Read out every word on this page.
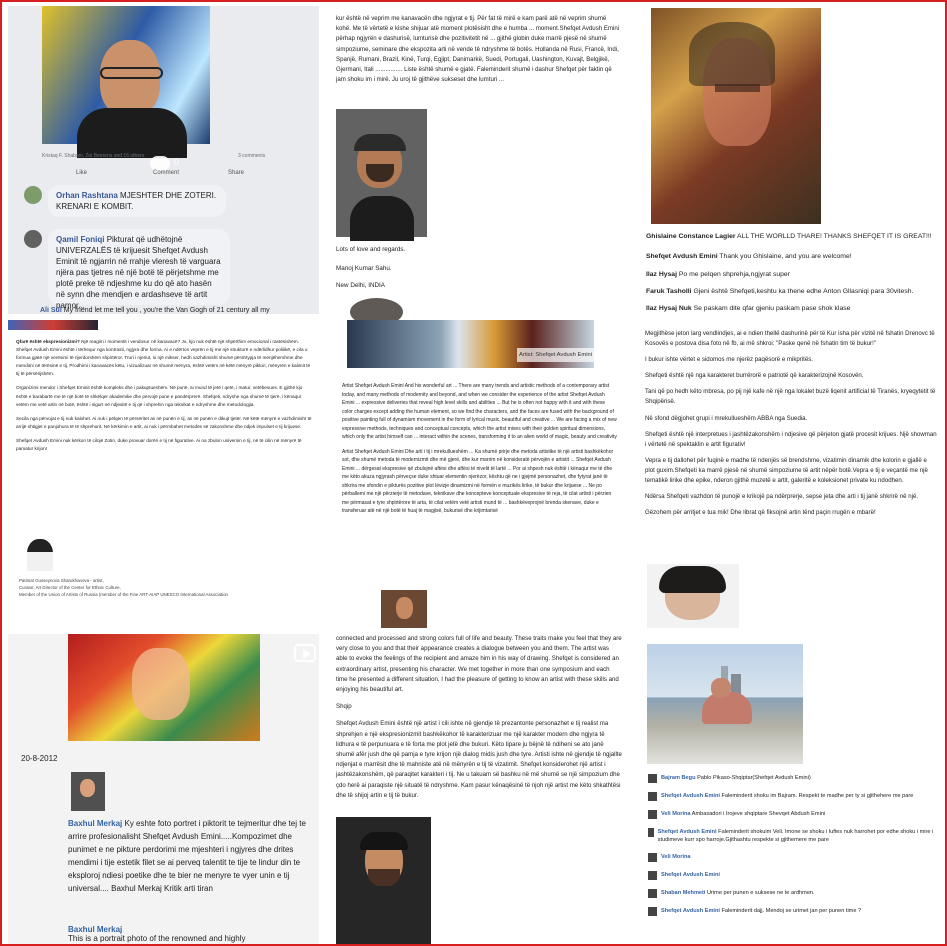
Kristaq F. Shabani, Zoi Beerens and 16 others	3 comments
0
Like	Comment	Share
Orhan Rashtana MJESHTER DHE ZOTERI. KRENARI E KOMBIT.
Qamil Foniqi Pikturat që udhëtojnë UNIVERZALËS të krijuesit Shefqet Avdush Eminit të ngjarrin në rrahje vleresh të varguara njëra pas tjetres në një botë të përjetshme me plotë preke të ndjeshme ku do që ato hasën në synn dhe mendjen e ardashseve të artit pamor...
Ali Sul My friend let me tell you , you're the Van Gogh of 21 century all my
kur është në veprim me kanavacën dhe ngjyrat e tij. Për fat të mirë e kam parë atë në veprim shumë kohë. Me të vërtetë e kishe shijuar atë moment plotësisht dhe e humba ... moment.Shefqet Avdush Emini përhap ngjyrën e dashurisë, lumturisë dhe pozitivitetit në ... gjithë globin duke marrë pjesë në shumë simpoziume, seminare dhe ekspozita arti në vende të ndryshme të botës. Hollanda në Rusi, Francë, Indi, Spanjë, Rumani, Brazil, Kinë, Turqi, Egjipt, Danimarkë, Suedi, Portugali, Uashington, Kuvajt, Belgjikë, Gjermani, Itali ................ Liste është shumë e gjatë. Faleminderit shumë i dashur Shefqet për faktin që jam shoku im i mirë. Ju uroj të gjithëve sukseset dhe lumturi ...
Lots of love and regards.
Manoj Kumar Sahu.
New Delhi, INDIA
Ghislaine Constance Lagier ALL THE WORLLD THARE! THANKS SHEFQET IT IS GREAT!!!
Shefqet Avdush Emini Thank you Ghislaine, and you are welcome!
Ilaz Hysaj Po me pelqen shprehja,ngjyrat super
Faruk Tasholli Gjeni është Shefqeti,keshtu ka thene edhe Anton Gllasniqi para 30vitesh.
Ilaz Hysaj Nuk Se paskam dite qfar gjeniu paskam pase shok klase

Qfarë është ekspresionizmi? Një reagim i momentit i vendosur në kanavacë? Jo, kjo nuk është një shpërthim emocional i rastësishëm. Shefqet Avdush Emini është i tërhequr nga kontrasti, ngjyra dhe forma. Ai e ndërton veprën e tij me një strukturë e ndërlidhur poliiikë, e cila u formua gjatë një verësimi të rijerdorshëm shpirtëror. Truri i njeriut, si një mikser, hedh vazhdimisht shumë përshtypja të menjëhershme dhe mendimi në tërësinë e tij. Prodhimi i kanavacës këtu, i vizualizuar në shumë mënyra, është vetëm në këtë mënyrë piktori, mënyrën e kalimit të tij të përsërijshëm.

Organizimi mendor i Shefqet Eminit është kompleks dhe i pakuptueshëm. Në punë, ai mund të jetë i qetë, i matur, vetëbesues. E gjithë kjo është e barabartë me të një botë të shkëlqer akademike dhe përvojë pune e pandërprerë. Shefqeti, ndryshe nga shumë të tjerë, i kënaqur vetëm me vetë artin në botë, është i sigurt në ndjesitë e tij që i shprehin nga teknikat e ndryshme dhe metodologjia.

Secila nga përvojat e tij nuk kalohet. Ai nuk i pëlqen të përsëritet as në punën e tij, as në punën e dikujt tjetër. Në këtë mënyrë e vazhdimisht të arrijë shtigjet e panjohura të të shprehurit. Në kërkimin e artit, ai nuk i përmbahet metodës së zakonshme dhe ndjek impulset e tij krijuese.

Shefqet Avdush Emini nuk kërkon të cilojë Zotin, duke provuar dorën e tij në figurative. Ai na zbulon universin e tij, në të cilin në mënyrë të pamatur krijon!

Patimat Gusseynova Sharukhanova - artist,
Curator, Art Director of the Center for Ethnic Culture,
Member of the Union of Artists of Russia (member of the Fine ART-AIAP UNESCO International Association
Artist: Shefqet Avdush Emini

Artist Shefqet Avdush Emini And his wonderful art ... There are many trends and artistic methods of a contemporary artist today, and many methods of modernity and beyond, and when we consider the experience of the artist Shefqet Avdush Emini ... expressive deliveries that reveal high level skills and abilities ... But he is often not happy with it and with these color charges except adding the human element, so we find the characters, and the faces are fused with the background of positive painting full of dynamism movement in the form of lyrical music, beautiful and creative ... We are facing a mix of new expressive methods, techniques and conceptual concepts, which the artist mixes with their golden spiritual dimensions, which only the artist himself can ... interact within the scenes, transforming it to an alien world of magic, beauty and creativity

Artist Shefqet Avdush Emini Dhe arti i tij i mrekullueshëm ... Ka shumë prirje dhe metoda artistike të një artisti bashkëkohor sot, dhe shumë metoda të modernizmit dhe më gjerë, dhe kur marrim në konsideratë përvojën e artistit ... Shefqet Avdush Emini ... dërgesat ekspresive që zbulojnë aftësi dhe aftësi të nivelit të lartë ... Por ai shpesh nuk është i kënaqur me të dhe me këto akuza ngjyrash përveçse duke shtuar elementin njerëzor, kështu që ne i gjejmë personazhet, dhe fytyrat janë të shkrira me sfondin e pikturës pozitive plot lëvizje dinamizmi në formën e muzikës lirike, të bukur dhe krijuese ... Ne po përballemi me një përzierje të metodave, teknikave dhe koncepteve konceptuale ekspresive të reja, të cilat artisti i përzien me përmasat e tyre shpirtërore të arta, të cilat vetëm vetë artisti mund të ... bashkëveprojnë brenda skenave, duke e transferuar atë në një botë të huaj të magjisë, bukurisë dhe krijimtarisë

Megjithëse jeton larg vendlindjes, ai e ndien thellë dashurinë për të Kur isha për vizitë në fshatin Drenovc të Kosovës e postova disa foto në fb, ai më shkroi: "Paske qenë në fshatin tim të bukur!"

I bukur ishte vërtet e sidomos me njerëz paqësorë e mikpritës.

Shefqeti është një nga karakteret burrërorë e patriotë që karakterizojnë Kosovën.

Tani që po hedh këto mbresa, po pij një kafe në një nga lokalet buzë liqenit artificial të Tiranës, kryeqytetit të Shqipërisë.

Në sfond dëgjohet grupi i mrekullueshëm ABBA nga Suedia.

Shefqeti është një interpretues i jashtëzakonshëm i ndjesive që përjeton gjatë procesit krijues. Një showman i vërtetë në spektaklin e artit figurativ!

Vepra e tij dallohet për fuqinë e madhe të ndenjës së brendshme, vizatimin dinamik dhe kolorin e gjallë e plot guxim.Shefqeti ka marrë pjesë në shumë simpoziume të artit nëpër botë.Vepra e tij e veçantë me një tematikë lirike dhe epike, nderon gjithë muzetë e artit, galeritë e koleksionet private ku ndodhen.

Ndërsa Shefqeti vazhdon të punojë e krikojë pa ndërprerje, sepse jeta dhe arti i tij janë shkrirë në një.

Gëzohem për arritjet e tua mik! Dhe librat që fiksojnë artin tënd paçin rrugën e mbarë!

20-8-2012
Baxhul Merkaj Ky eshte foto portret i piktorit te tejmeritur dhe tej te arrire profesionalisht Shefqet Avdush Emini.....Kompozimet dhe punimet e ne pikture perdorimi me mjeshteri i ngjyres dhe drites mendimi i tije estetik filet se ai perveq talentit te tije te lindur din te eksploroj ndiesi poetike dhe te bier ne menyre te vyer unin e tij universal.... Baxhul Merkaj Kritik arti tiran
Baxhul Merkaj
This is a portrait photo of the renowned and highly

connected and processed and strong colors full of life and beauty. These traits make you feel that they are very close to you and that their appearance creates a dialogue between you and them. The artist was able to evoke the feelings of the recipient and amaze him in his way of drawing. Shefqet is considered an extraordinary artist, presenting his character. We met together in more than one symposium and each time he presented a different situation. I had the pleasure of getting to know an artist with these skills and enjoying his beautiful art.

Shqip

Shefqet Avdush Emini është një artist i cili ishte në gjendje të prezantonte personazhet e tij realist ma shprehjen e një ekspresionizmit bashkëkohor të karakterizuar me një karakter modern dhe ngjyra të lidhura e të perpunuara e të forta me plot jetë dhe bukuri. Këto tipare ju bëjnë të ndiheni se ato janë shumë afër jush dhe që pamja e tyre krijon një dialog midis jush dhe tyre. Artisti ishte në gjendje të ngjallte ndjenjat e marrësit dhe të mahniste atë në mënyrën e tij të vizatimit. Shefqet konsiderohet një artist i jashtëzakonshëm, që paraqitet karakteri i tij. Ne u takuam së bashku në më shumë se një simpozium dhe çdo herë ai paraqiste një situatë të ndryshme. Kam pasur kënaqësinë të njoh një artist me këto shkathtësi dhe të shijoj artin e tij të bukur.

Bajram Begu Pablo Pikaso-Shqiptar(Shefqet Avdush Emini)
Shefqet Avdush Emini Faleminderit shoku im Bajram. Respekt te madhe per ty si gjithehere me pare
Veli Morina Ambasadori i Irojeve shqiptare Shevqet Abdush Emini
Shefqet Avdush Emini Faleminderit shokuim Veli. Imone se shoku i luftes nuk harrohet por edhe shoku i mire i studimeve kurr spo harroje.Gjithashtu respekte si gjithemere me pare
Veli Morina
Shefqet Avdush Emini
Shaban Mehmeti Urime per punen e suksese ne te ardhmen.
Shefqet Avdush Emini Faleminderit dajj. Mendoj se urimet jan per punen time ?
